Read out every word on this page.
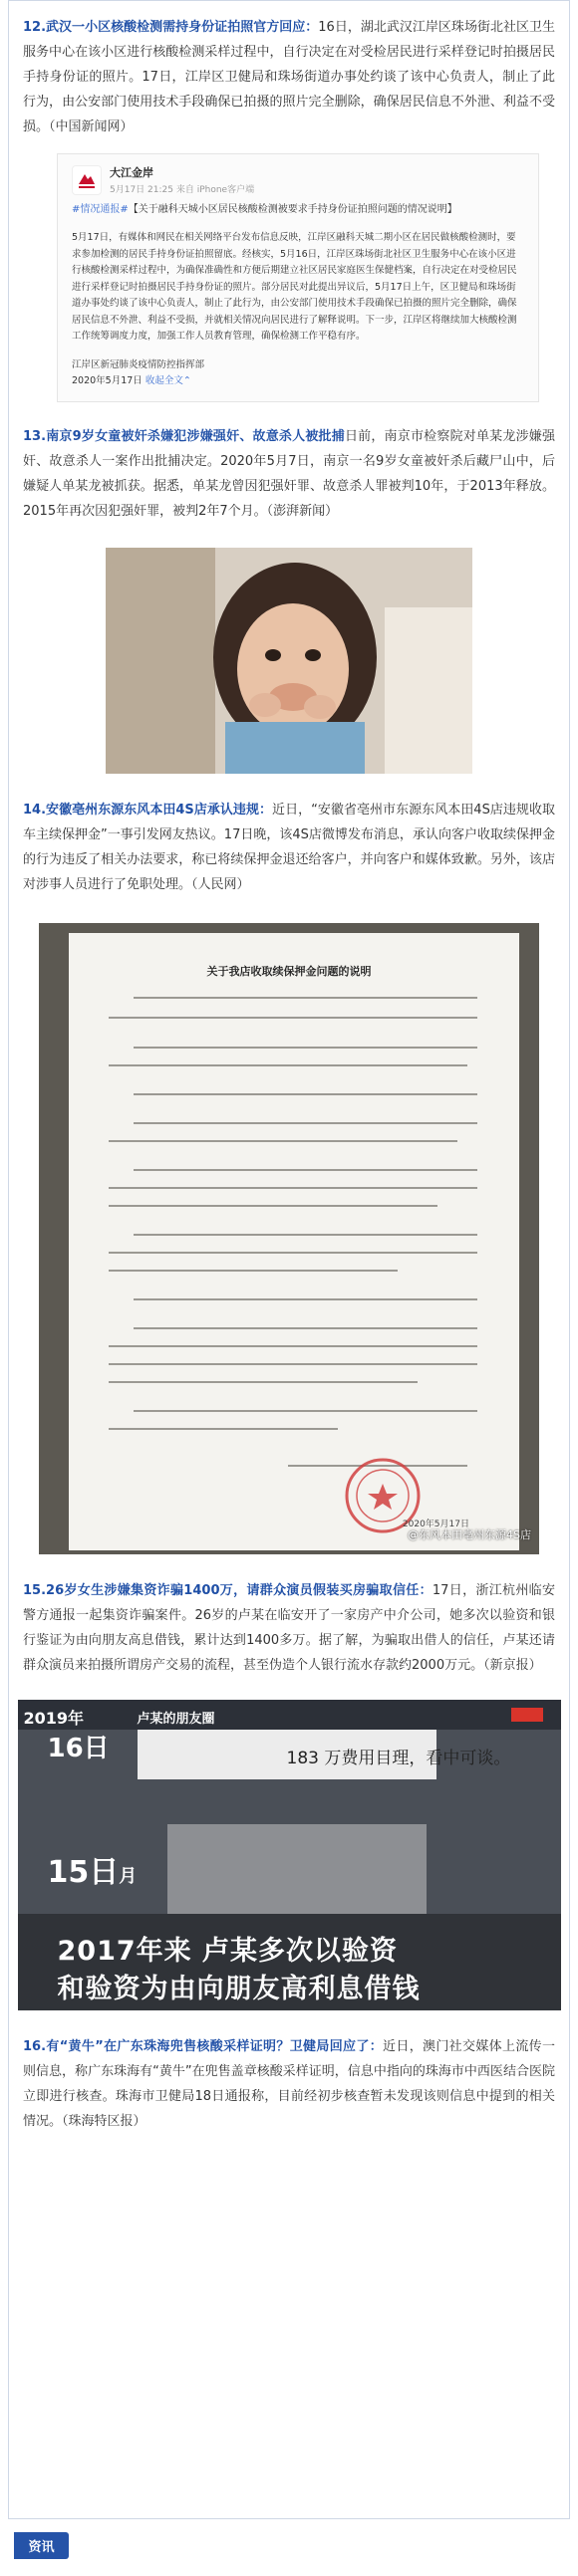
12.武汉一小区核酸检测需持身份证拍照官方回应：16日，湖北武汉江岸区珠场街北社区卫生服务中心在该小区进行核酸检测采样过程中，自行决定在对受检居民进行采样登记时拍摄居民手持身份证的照片。17日，江岸区卫健局和珠场街道办事处约谈了该中心负责人，制止了此行为，由公安部门使用技术手段确保已拍摄的照片完全删除，确保居民信息不外泄、利益不受损。（中国新闻网）

大江金岸
5月17日 21:25 来自 iPhone客户端
#情况通报#【关于融科天城小区居民核酸检测被要求手持身份证拍照问题的情况说明】
5月17日，有媒体和网民在相关网络平台发布信息反映，江岸区融科天城二期小区在居民做核酸检测时，要求参加检测的居民手持身份证拍照留底。经核实，5月16日，江岸区珠场街北社区卫生服务中心在该小区进行核酸检测采样过程中，为确保准确性和方便后期建立社区居民家庭医生保健档案，自行决定在对受检居民进行采样登记时拍摄居民手持身份证的照片。部分居民对此提出异议后，5月17日上午，区卫健局和珠场街道办事处约谈了该中心负责人，制止了此行为，由公安部门使用技术手段确保已拍摄的照片完全删除，确保居民信息不外泄、利益不受损，并就相关情况向居民进行了解释说明。下一步，江岸区将继续加大核酸检测工作统筹调度力度，加强工作人员教育管理，确保检测工作平稳有序。
江岸区新冠肺炎疫情防控指挥部
2020年5月17日 收起全文⌃

13.南京9岁女童被奸杀嫌犯涉嫌强奸、故意杀人被批捕日前，南京市检察院对单某龙涉嫌强奸、故意杀人一案作出批捕决定。2020年5月7日，南京一名9岁女童被奸杀后藏尸山中，后嫌疑人单某龙被抓获。据悉，单某龙曾因犯强奸罪、故意杀人罪被判10年，于2013年释放。2015年再次因犯强奸罪，被判2年7个月。（澎湃新闻）

14.安徽亳州东源东风本田4S店承认违规：近日，“安徽省亳州市东源东风本田4S店违规收取车主续保押金”一事引发网友热议。17日晚，该4S店微博发布消息，承认向客户收取续保押金的行为违反了相关办法要求，称已将续保押金退还给客户，并向客户和媒体致歉。另外，该店对涉事人员进行了免职处理。（人民网）

关于我店收取续保押金问题的说明
2020年5月17日
@东风本田亳州东源4S店

15.26岁女生涉嫌集资诈骗1400万，请群众演员假装买房骗取信任：17日，浙江杭州临安警方通报一起集资诈骗案件。26岁的卢某在临安开了一家房产中介公司，她多次以验资和银行鉴证为由向朋友高息借钱，累计达到1400多万。据了解，为骗取出借人的信任，卢某还请群众演员来拍摄所谓房产交易的流程，甚至伪造个人银行流水存款约2000万元。（新京报）

卢某的朋友圈
2019年
16日	183 万费用目理，看中可谈。
15日月
2017年来 卢某多次以验资
和验资为由向朋友高利息借钱

16.有“黄牛”在广东珠海兜售核酸采样证明？卫健局回应了：近日，澳门社交媒体上流传一则信息，称广东珠海有“黄牛”在兜售盖章核酸采样证明，信息中指向的珠海市中西医结合医院立即进行核查。珠海市卫健局18日通报称，目前经初步核查暂未发现该则信息中提到的相关情况。（珠海特区报）

资讯
